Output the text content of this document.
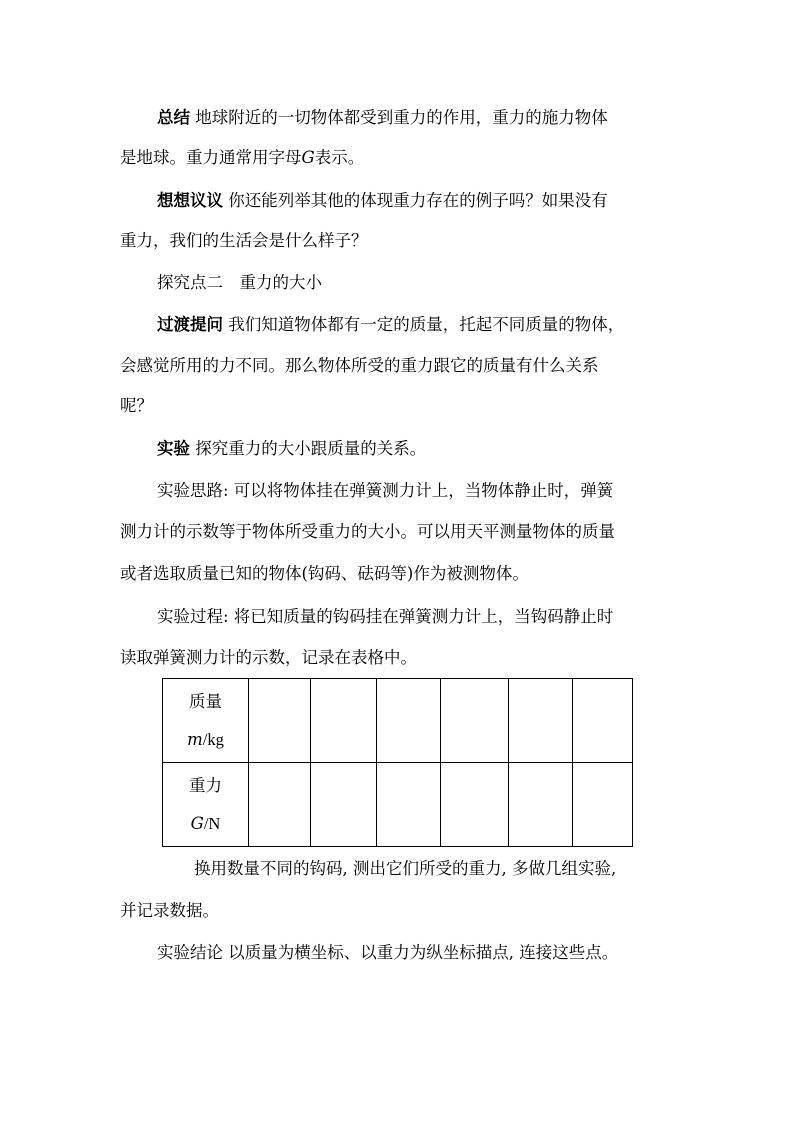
总结 地球附近的一切物体都受到重力的作用，重力的施力物体
是地球。重力通常用字母G表示。
想想议议 你还能列举其他的体现重力存在的例子吗？如果没有
重力，我们的生活会是什么样子？
探究点二　重力的大小
过渡提问 我们知道物体都有一定的质量，托起不同质量的物体，
会感觉所用的力不同。那么物体所受的重力跟它的质量有什么关系
呢？
实验 探究重力的大小跟质量的关系。
实验思路: 可以将物体挂在弹簧测力计上，当物体静止时，弹簧
测力计的示数等于物体所受重力的大小。可以用天平测量物体的质量
或者选取质量已知的物体(钩码、砝码等)作为被测物体。
实验过程: 将已知质量的钩码挂在弹簧测力计上，当钩码静止时
读取弹簧测力计的示数，记录在表格中。
质量
m/kg						

重力
G/N						

换用数量不同的钩码, 测出它们所受的重力, 多做几组实验,
并记录数据。
实验结论 以质量为横坐标、以重力为纵坐标描点, 连接这些点。
